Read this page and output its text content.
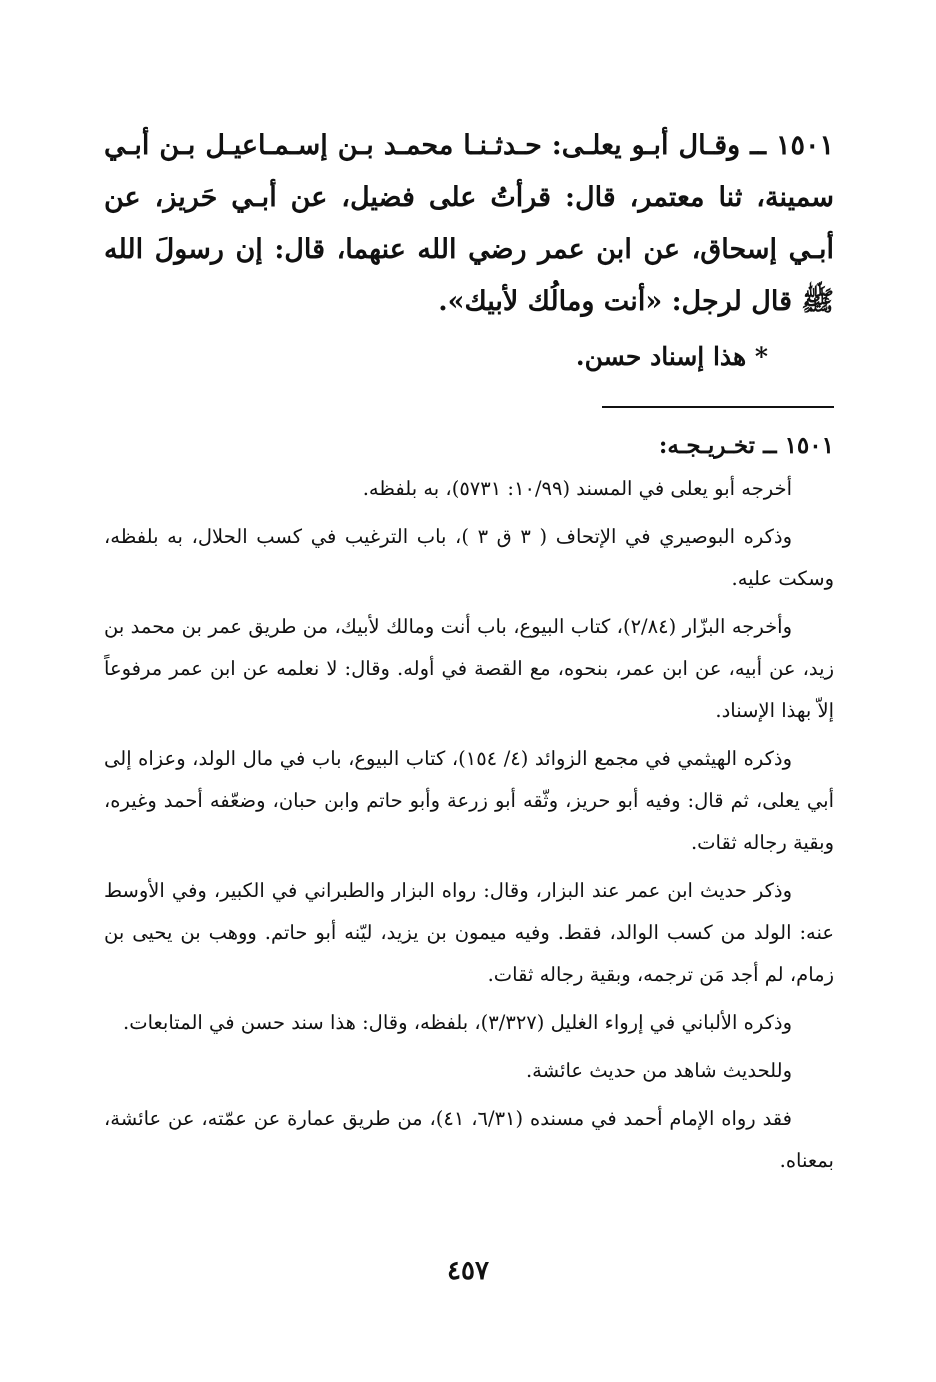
١٥٠١ ــ وقـال أبـو يعلـى: حـدثـنـا محمـد بـن إسـمـاعيـل بـن أبـي سمينة، ثنا معتمر، قال: قرأتُ على فضيل، عن أبـي حَريز، عن أبـي إسحاق، عن ابن عمر رضي الله عنهما، قال: إن رسولَ الله ﷺ قال لرجل: «أنت ومالُك لأبيك».

* هذا إسناد حسن.
١٥٠١ ــ تخـريـجـه:

أخرجه أبو يعلى في المسند (١٠/٩٩: ٥٧٣١)، به بلفظه.

وذكره البوصيري في الإتحاف ( ٣ ق ٣ )، باب الترغيب في كسب الحلال، به بلفظه، وسكت عليه.

وأخرجه البزّار (٢/٨٤)، كتاب البيوع، باب أنت ومالك لأبيك، من طريق عمر بن محمد بن زيد، عن أبيه، عن ابن عمر، بنحوه، مع القصة في أوله. وقال: لا نعلمه عن ابن عمر مرفوعاً إلاّ بهذا الإسناد.

وذكره الهيثمي في مجمع الزوائد (٤/ ١٥٤)، كتاب البيوع، باب في مال الولد، وعزاه إلى أبي يعلى، ثم قال: وفيه أبو حريز، وثّقه أبو زرعة وأبو حاتم وابن حبان، وضعّفه أحمد وغيره، وبقية رجاله ثقات.

وذكر حديث ابن عمر عند البزار، وقال: رواه البزار والطبراني في الكبير، وفي الأوسط عنه: الولد من كسب الوالد، فقط. وفيه ميمون بن يزيد، ليّنه أبو حاتم. ووهب بن يحيى بن زمام، لم أجد مَن ترجمه، وبقية رجاله ثقات.

وذكره الألباني في إرواء الغليل (٣/٣٢٧)، بلفظه، وقال: هذا سند حسن في المتابعات.

وللحديث شاهد من حديث عائشة.

فقد رواه الإمام أحمد في مسنده (٦/٣١، ٤١)، من طريق عمارة عن عمّته، عن عائشة، بمعناه.

٤٥٧
